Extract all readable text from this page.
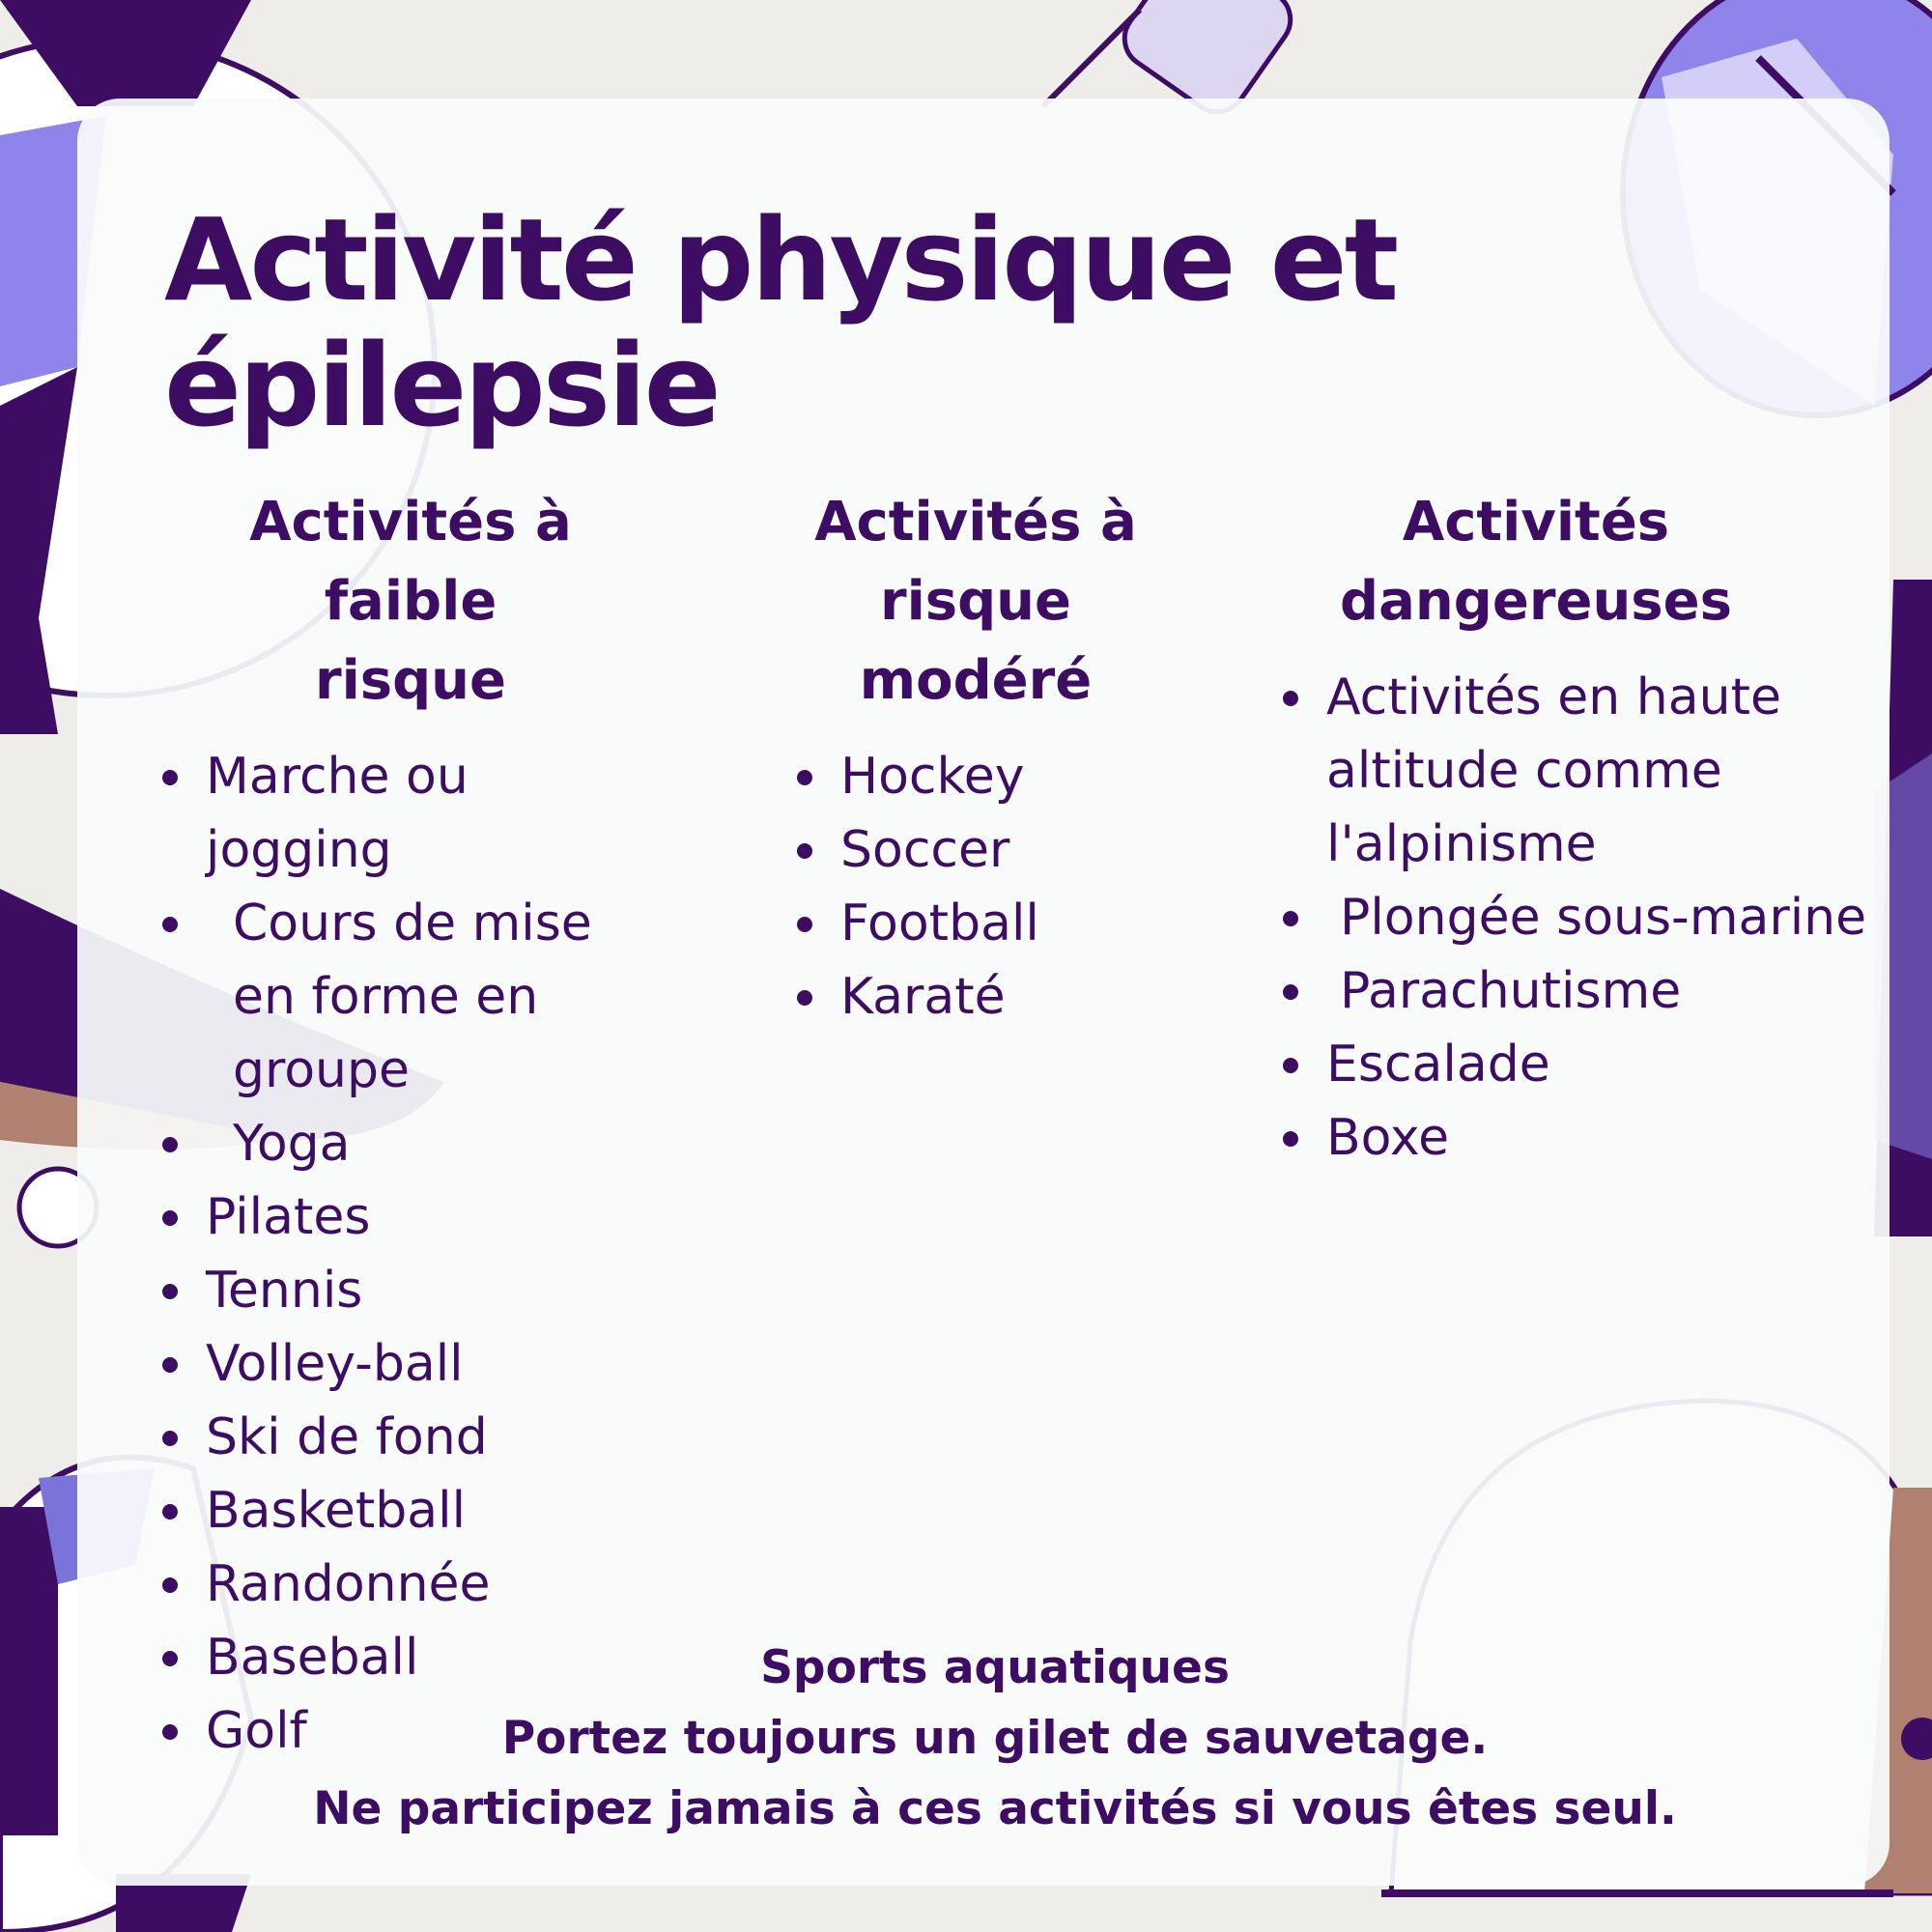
Activité physique et épilepsie
Activités à faible
risque
Marche ou jogging
Cours de mise en forme en groupe
Yoga
Pilates
Tennis
Volley-ball
Ski de fond
Basketball
Randonnée
Baseball
Golf
Activités à risque
modéré
Hockey
Soccer
Football
Karaté
Activités
dangereuses
Activités en haute altitude comme l'alpinisme
Plongée sous-marine
Parachutisme
Escalade
Boxe
Sports aquatiques
Portez toujours un gilet de sauvetage.
Ne participez jamais à ces activités si vous êtes seul.
